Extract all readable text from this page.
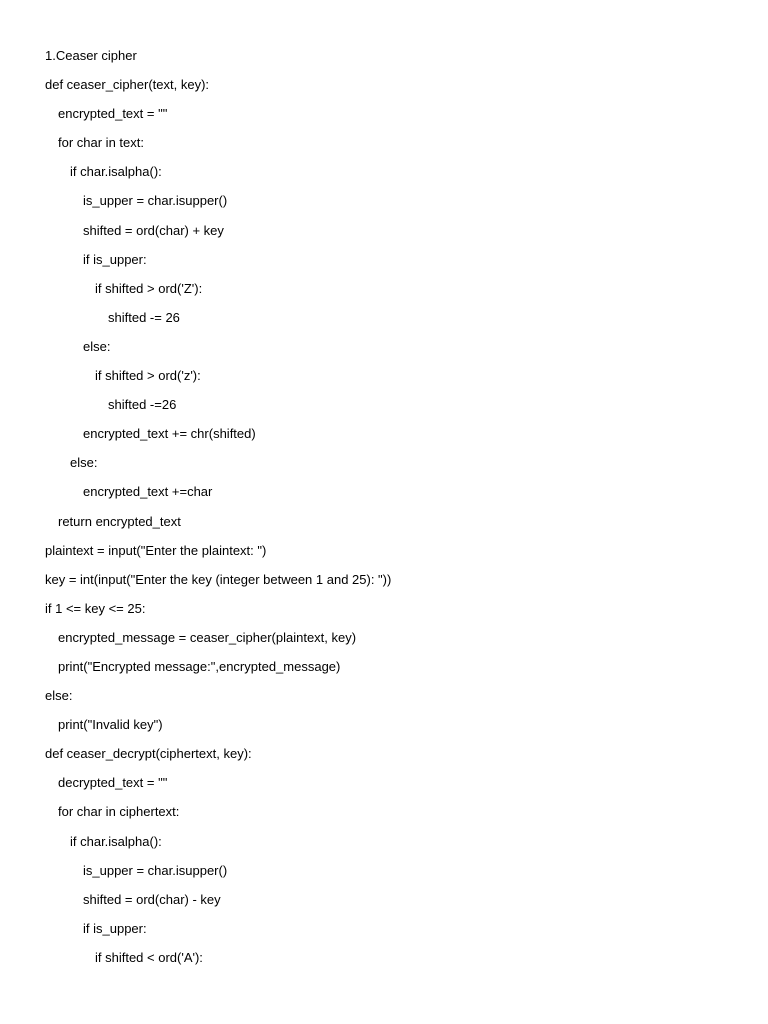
1.Ceaser cipher
def ceaser_cipher(text, key):
encrypted_text = ""
for char in text:
if char.isalpha():
is_upper = char.isupper()
shifted = ord(char) + key
if is_upper:
if shifted > ord('Z'):
shifted -= 26
else:
if shifted > ord('z'):
shifted -=26
encrypted_text += chr(shifted)
else:
encrypted_text +=char
return encrypted_text
plaintext = input("Enter the plaintext: ")
key = int(input("Enter the key (integer between 1 and 25): "))
if 1 <= key <= 25:
encrypted_message = ceaser_cipher(plaintext, key)
print("Encrypted message:",encrypted_message)
else:
print("Invalid key")
def ceaser_decrypt(ciphertext, key):
decrypted_text = ""
for char in ciphertext:
if char.isalpha():
is_upper = char.isupper()
shifted = ord(char) - key
if is_upper:
if shifted < ord('A'):
